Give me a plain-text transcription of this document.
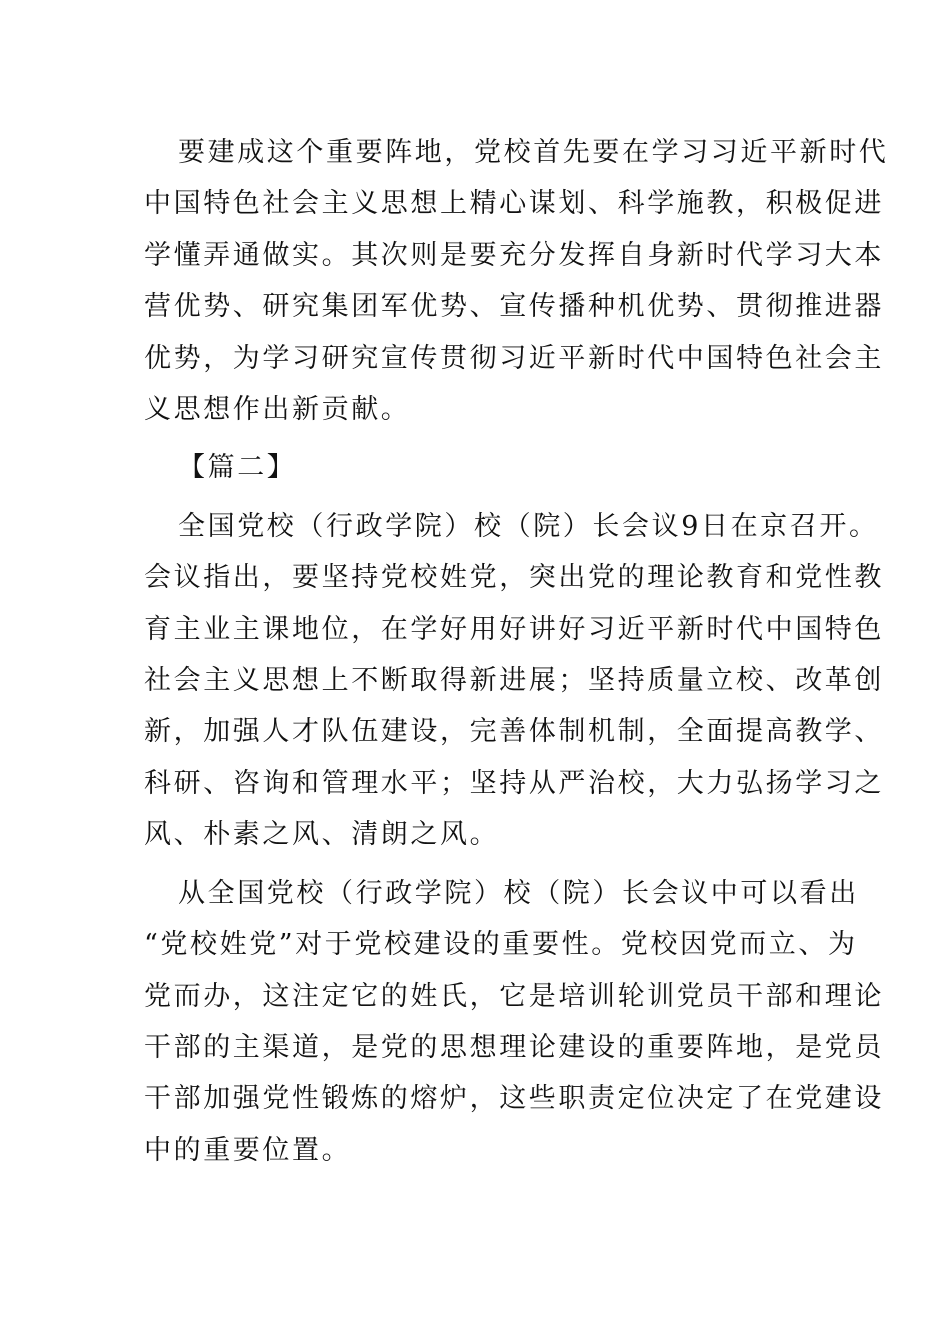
要建成这个重要阵地，党校首先要在学习习近平新时代
中国特色社会主义思想上精心谋划、科学施教，积极促进
学懂弄通做实。其次则是要充分发挥自身新时代学习大本
营优势、研究集团军优势、宣传播种机优势、贯彻推进器
优势，为学习研究宣传贯彻习近平新时代中国特色社会主
义思想作出新贡献。
【篇二】
全国党校（行政学院）校（院）长会议9日在京召开。
会议指出，要坚持党校姓党，突出党的理论教育和党性教
育主业主课地位，在学好用好讲好习近平新时代中国特色
社会主义思想上不断取得新进展；坚持质量立校、改革创
新，加强人才队伍建设，完善体制机制，全面提高教学、
科研、咨询和管理水平；坚持从严治校，大力弘扬学习之
风、朴素之风、清朗之风。
从全国党校（行政学院）校（院）长会议中可以看出
“党校姓党”对于党校建设的重要性。党校因党而立、为
党而办，这注定它的姓氏，它是培训轮训党员干部和理论
干部的主渠道，是党的思想理论建设的重要阵地，是党员
干部加强党性锻炼的熔炉，这些职责定位决定了在党建设
中的重要位置。
